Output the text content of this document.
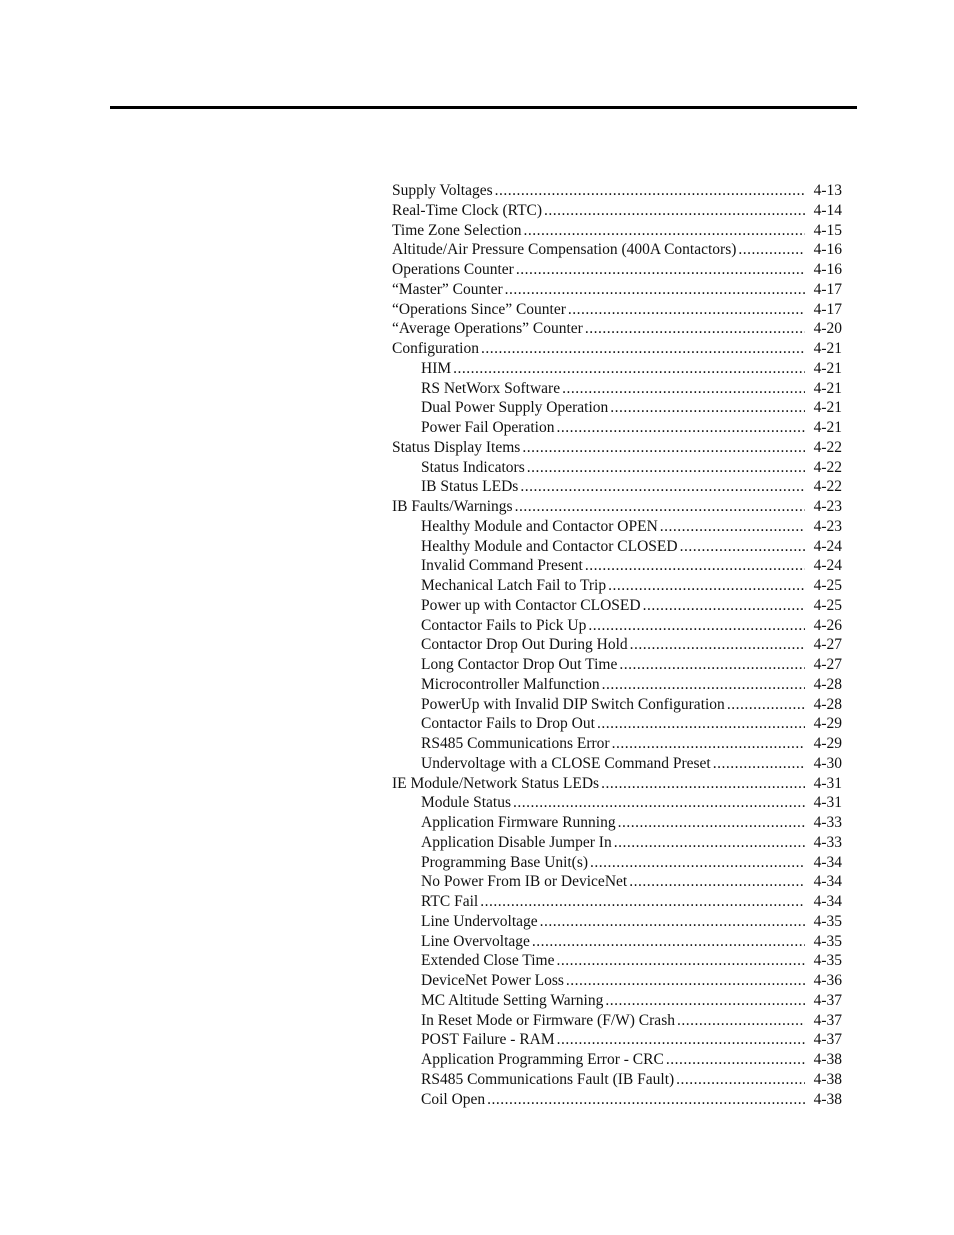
Supply Voltages .....	4-13
Real-Time Clock (RTC) .....	4-14
Time Zone Selection .....	4-15
Altitude/Air Pressure Compensation (400A Contactors) .....	4-16
Operations Counter .....	4-16
“Master” Counter .....	4-17
“Operations Since” Counter .....	4-17
“Average Operations” Counter .....	4-20
Configuration .....	4-21
HIM .....	4-21
RS NetWorx Software .....	4-21
Dual Power Supply Operation .....	4-21
Power Fail Operation .....	4-21
Status Display Items .....	4-22
Status Indicators .....	4-22
IB Status LEDs .....	4-22
IB Faults/Warnings .....	4-23
Healthy Module and Contactor OPEN .....	4-23
Healthy Module and Contactor CLOSED .....	4-24
Invalid Command Present .....	4-24
Mechanical Latch Fail to Trip .....	4-25
Power up with Contactor CLOSED .....	4-25
Contactor Fails to Pick Up .....	4-26
Contactor Drop Out During Hold .....	4-27
Long Contactor Drop Out Time .....	4-27
Microcontroller Malfunction .....	4-28
PowerUp with Invalid DIP Switch Configuration .....	4-28
Contactor Fails to Drop Out .....	4-29
RS485 Communications Error .....	4-29
Undervoltage with a CLOSE Command Preset .....	4-30
IE Module/Network Status LEDs .....	4-31
Module Status .....	4-31
Application Firmware Running .....	4-33
Application Disable Jumper In .....	4-33
Programming Base Unit(s) .....	4-34
No Power From IB or DeviceNet .....	4-34
RTC Fail .....	4-34
Line Undervoltage .....	4-35
Line Overvoltage .....	4-35
Extended Close Time .....	4-35
DeviceNet Power Loss .....	4-36
MC Altitude Setting Warning .....	4-37
In Reset Mode or Firmware (F/W) Crash .....	4-37
POST Failure - RAM .....	4-37
Application Programming Error - CRC .....	4-38
RS485 Communications Fault (IB Fault) .....	4-38
Coil Open .....	4-38
